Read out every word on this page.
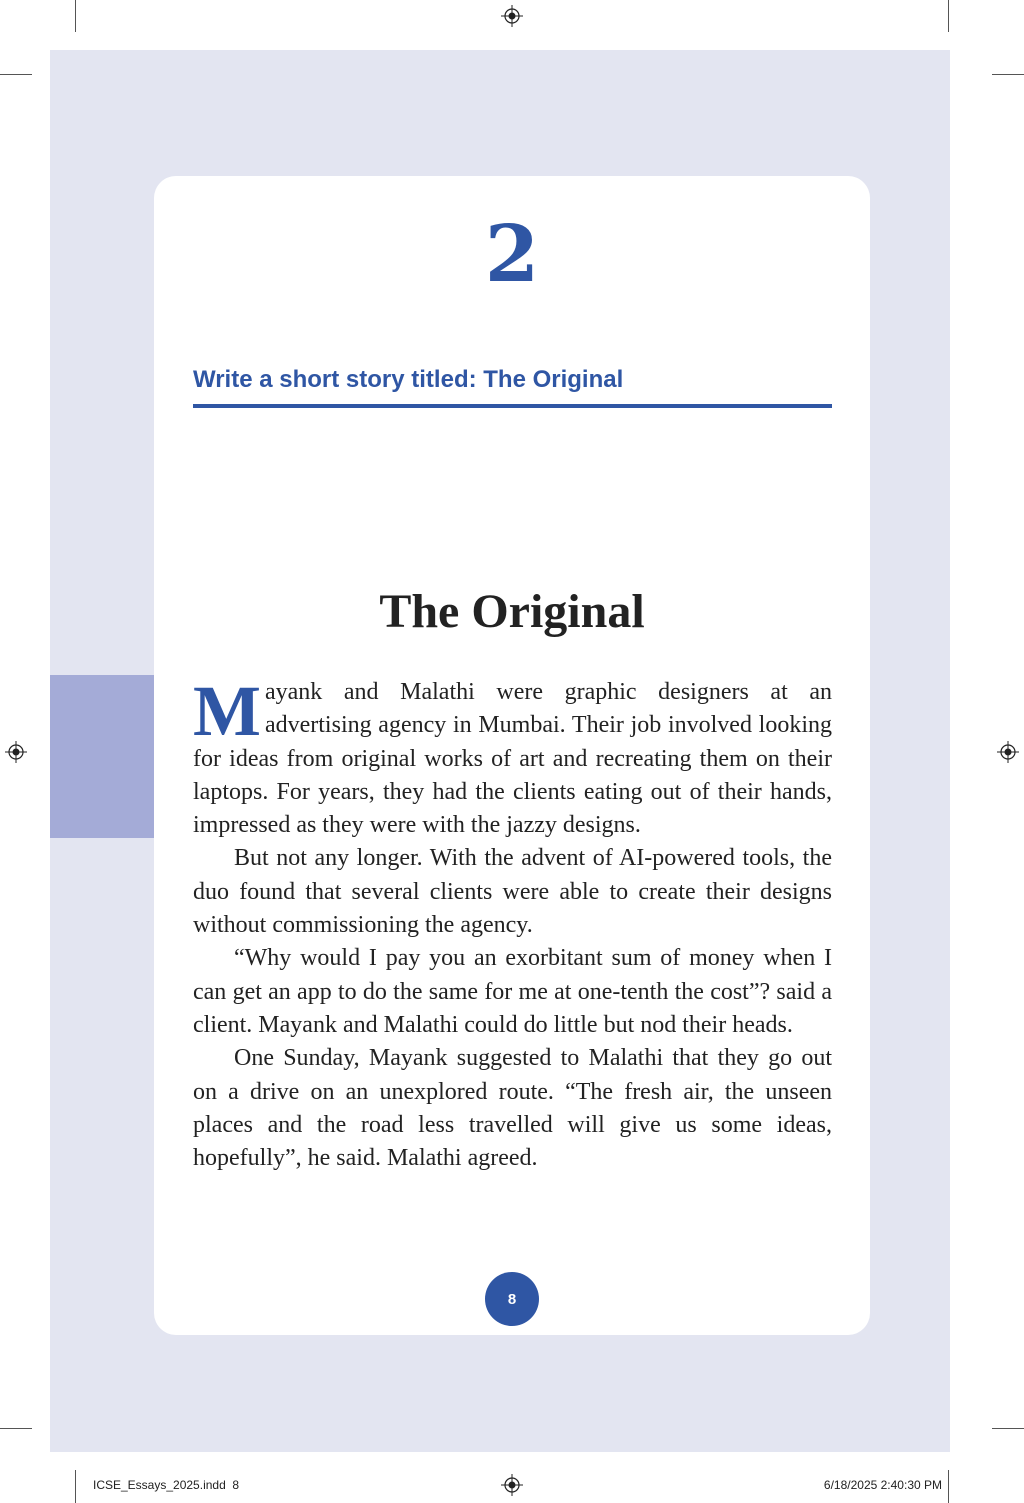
2
Write a short story titled: The Original
The Original

Mayank and Malathi were graphic designers at an advertising agency in Mumbai. Their job involved looking for ideas from original works of art and recreating them on their laptops. For years, they had the clients eating out of their hands, impressed as they were with the jazzy designs.

But not any longer. With the advent of AI-powered tools, the duo found that several clients were able to create their designs without commissioning the agency.

“Why would I pay you an exorbitant sum of money when I can get an app to do the same for me at one-tenth the cost”? said a client. Mayank and Malathi could do little but nod their heads.

One Sunday, Mayank suggested to Malathi that they go out on a drive on an unexplored route. “The fresh air, the unseen places and the road less travelled will give us some ideas, hopefully”, he said. Malathi agreed.

8
ICSE_Essays_2025.indd 8	6/18/2025 2:40:30 PM
